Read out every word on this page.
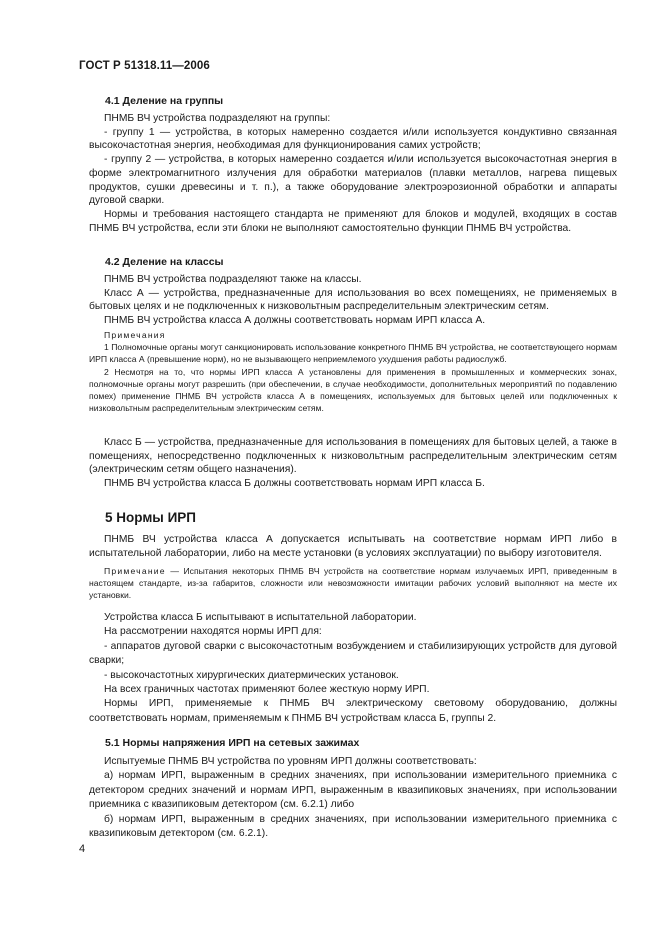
ГОСТ Р 51318.11—2006
4.1 Деление на группы

ПНМБ ВЧ устройства подразделяют на группы:

- группу 1 — устройства, в которых намеренно создается и/или используется кондуктивно связанная высокочастотная энергия, необходимая для функционирования самих устройств;

- группу 2 — устройства, в которых намеренно создается и/или используется высокочастотная энергия в форме электромагнитного излучения для обработки материалов (плавки металлов, нагрева пищевых продуктов, сушки древесины и т. п.), а также оборудование электроэрозионной обработки и аппараты дуговой сварки.

Нормы и требования настоящего стандарта не применяют для блоков и модулей, входящих в состав ПНМБ ВЧ устройства, если эти блоки не выполняют самостоятельно функции ПНМБ ВЧ устройства.

4.2 Деление на классы

ПНМБ ВЧ устройства подразделяют также на классы.

Класс А — устройства, предназначенные для использования во всех помещениях, не применяемых в бытовых целях и не подключенных к низковольтным распределительным электрическим сетям.

ПНМБ ВЧ устройства класса А должны соответствовать нормам ИРП класса А.

Примечания

1 Полномочные органы могут санкционировать использование конкретного ПНМБ ВЧ устройства, не соответствующего нормам ИРП класса А (превышение норм), но не вызывающего неприемлемого ухудшения работы радиослужб.

2 Несмотря на то, что нормы ИРП класса А установлены для применения в промышленных и коммерческих зонах, полномочные органы могут разрешить (при обеспечении, в случае необходимости, дополнительных мероприятий по подавлению помех) применение ПНМБ ВЧ устройств класса А в помещениях, используемых для бытовых целей или подключенных к низковольтным распределительным электрическим сетям.

Класс Б — устройства, предназначенные для использования в помещениях для бытовых целей, а также в помещениях, непосредственно подключенных к низковольтным распределительным электрическим сетям (электрическим сетям общего назначения).

ПНМБ ВЧ устройства класса Б должны соответствовать нормам ИРП класса Б.

5 Нормы ИРП

ПНМБ ВЧ устройства класса А допускается испытывать на соответствие нормам ИРП либо в испытательной лаборатории, либо на месте установки (в условиях эксплуатации) по выбору изготовителя.

Примечание — Испытания некоторых ПНМБ ВЧ устройств на соответствие нормам излучаемых ИРП, приведенным в настоящем стандарте, из-за габаритов, сложности или невозможности имитации рабочих условий выполняют на месте их установки.

Устройства класса Б испытывают в испытательной лаборатории.

На рассмотрении находятся нормы ИРП для:

- аппаратов дуговой сварки с высокочастотным возбуждением и стабилизирующих устройств для дуговой сварки;

- высокочастотных хирургических диатермических установок.

На всех граничных частотах применяют более жесткую норму ИРП.

Нормы ИРП, применяемые к ПНМБ ВЧ электрическому световому оборудованию, должны соответствовать нормам, применяемым к ПНМБ ВЧ устройствам класса Б, группы 2.

5.1 Нормы напряжения ИРП на сетевых зажимах

Испытуемые ПНМБ ВЧ устройства по уровням ИРП должны соответствовать:

а) нормам ИРП, выраженным в средних значениях, при использовании измерительного приемника с детектором средних значений и нормам ИРП, выраженным в квазипиковых значениях, при использовании приемника с квазипиковым детектором (см. 6.2.1) либо

б) нормам ИРП, выраженным в средних значениях, при использовании измерительного приемника с квазипиковым детектором (см. 6.2.1).

4
